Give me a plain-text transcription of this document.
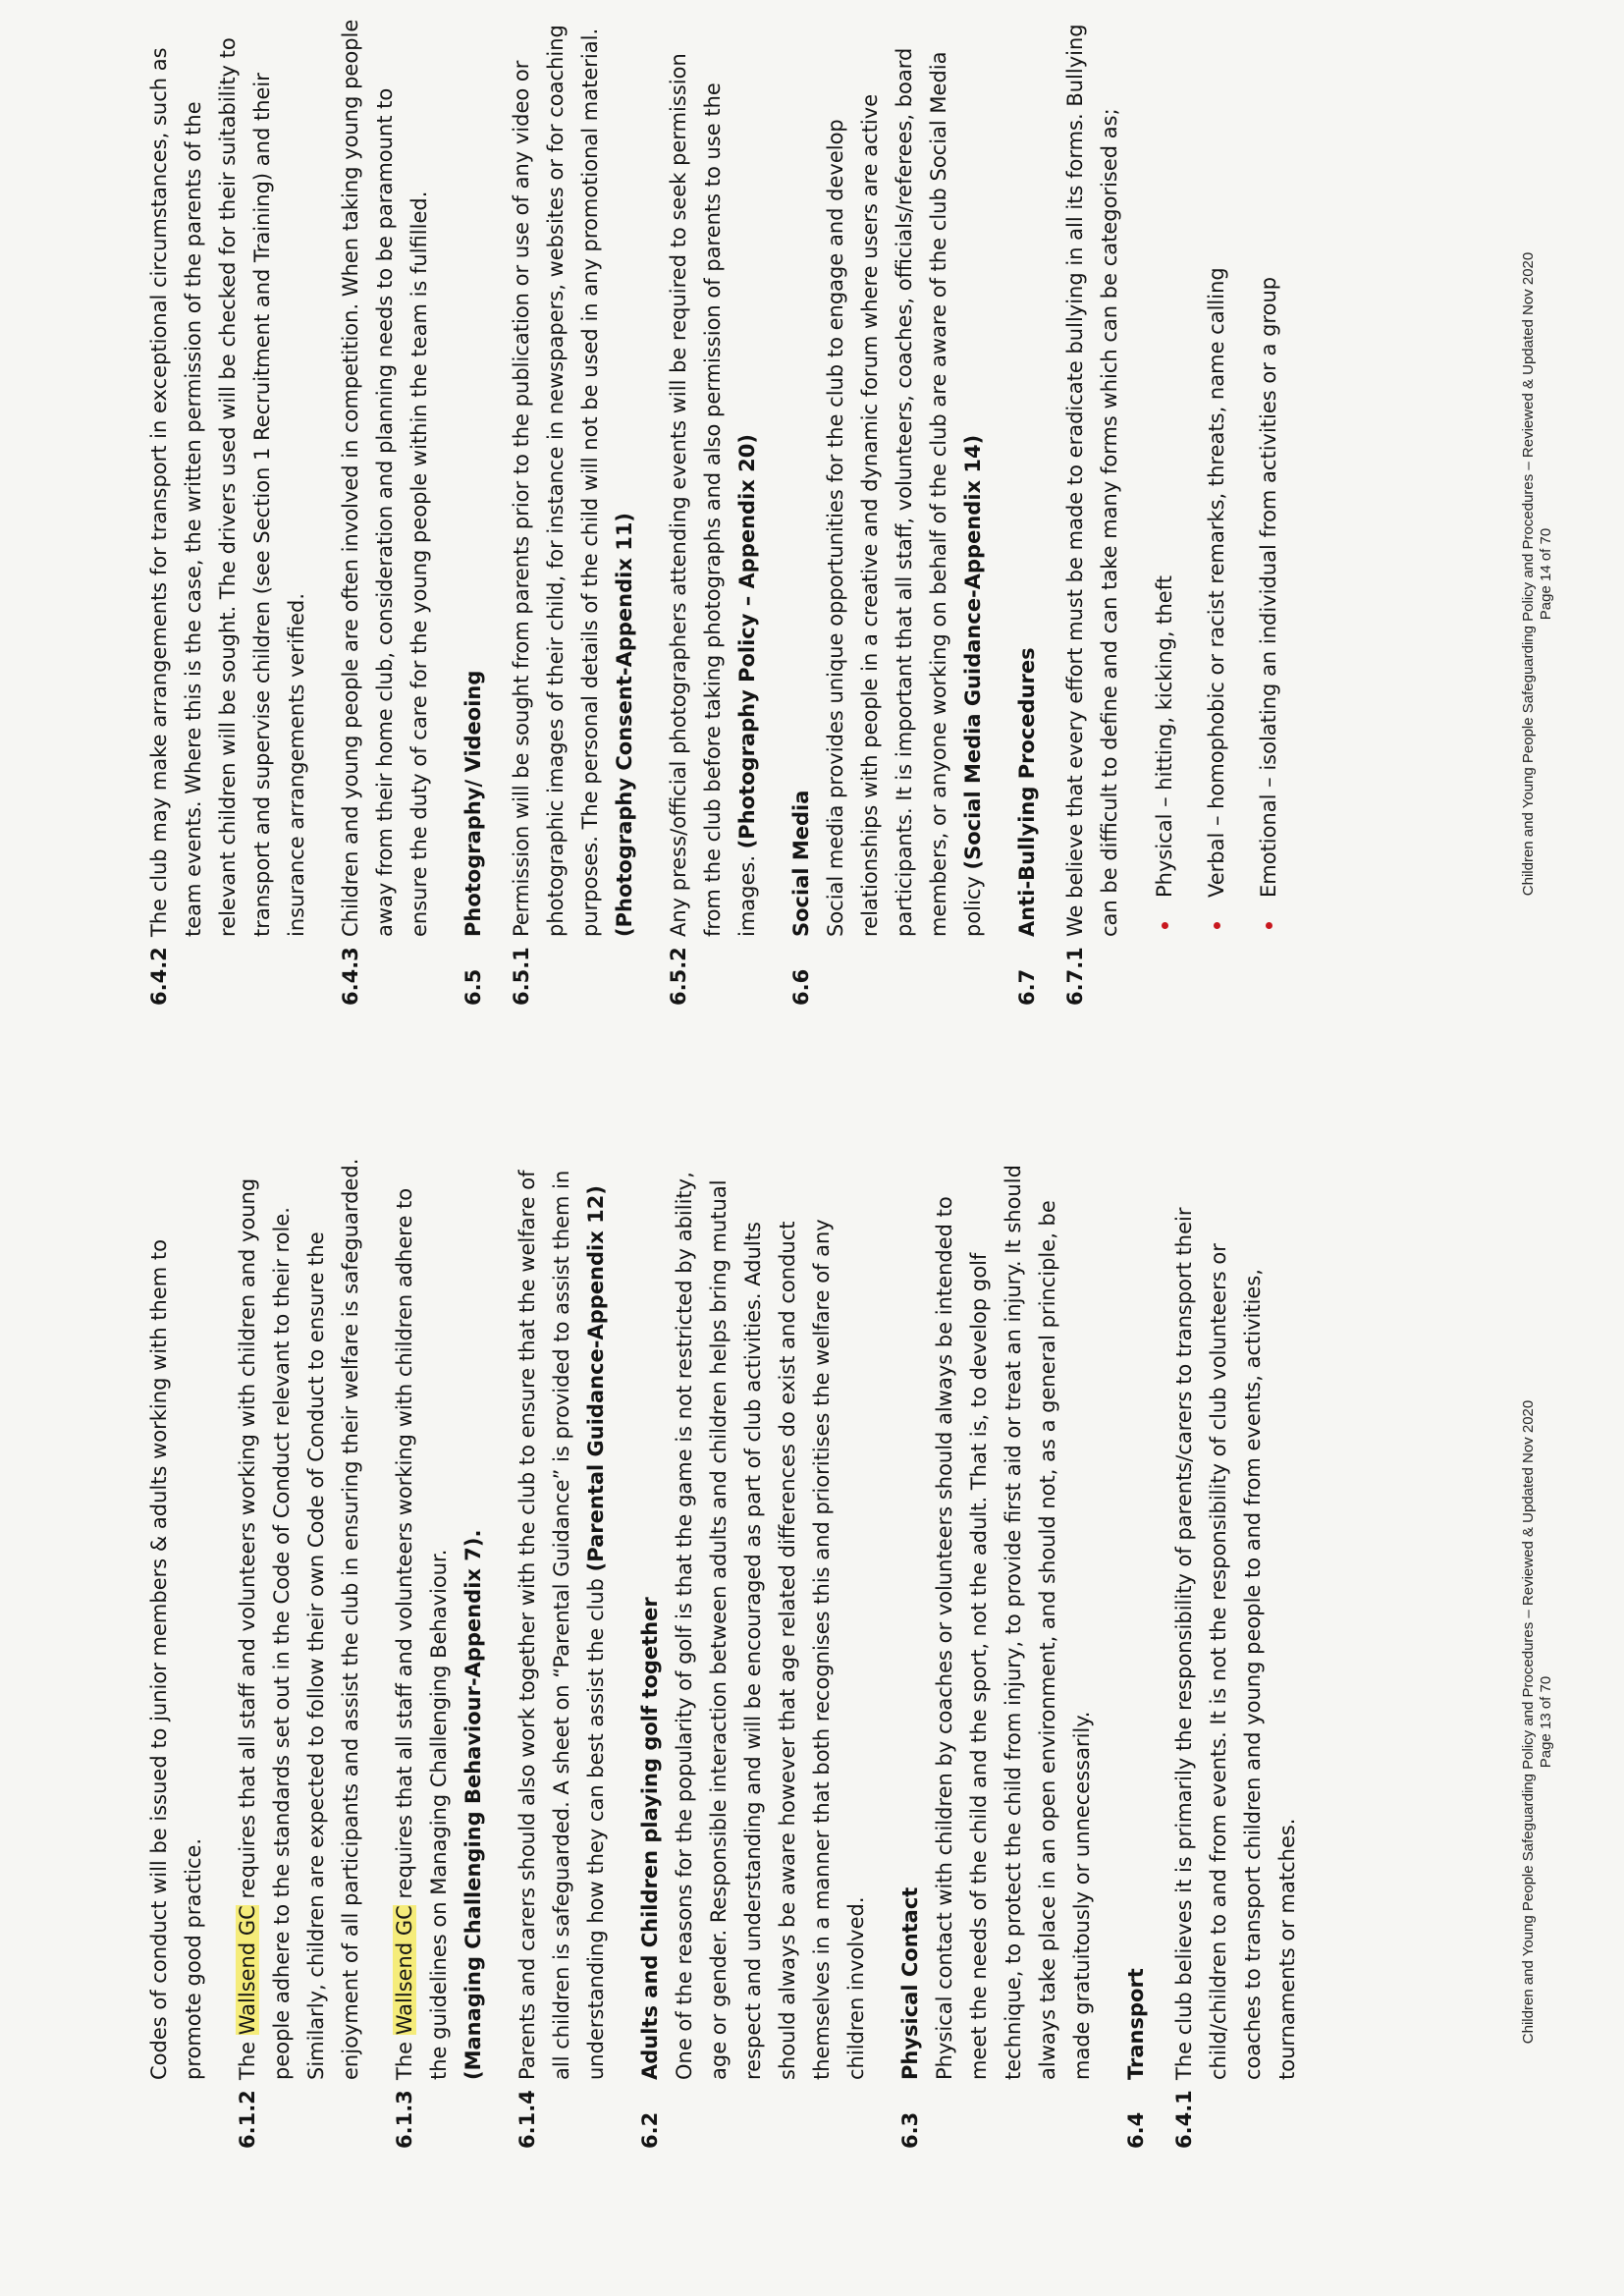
Codes of conduct will be issued to junior members & adults working with them to promote good practice.
6.1.2
The Wallsend GC requires that all staff and volunteers working with children and young people adhere to the standards set out in the Code of Conduct relevant to their role. Similarly, children are expected to follow their own Code of Conduct to ensure the enjoyment of all participants and assist the club in ensuring their welfare is safeguarded.
6.1.3
The Wallsend GC requires that all staff and volunteers working with children adhere to the guidelines on Managing Challenging Behaviour. (Managing Challenging Behaviour-Appendix 7).
6.1.4
Parents and carers should also work together with the club to ensure that the welfare of all children is safeguarded. A sheet on “Parental Guidance” is provided to assist them in understanding how they can best assist the club (Parental Guidance-Appendix 12)
6.2
Adults and Children playing golf together One of the reasons for the popularity of golf is that the game is not restricted by ability, age or gender. Responsible interaction between adults and children helps bring mutual respect and understanding and will be encouraged as part of club activities. Adults should always be aware however that age related differences do exist and conduct themselves in a manner that both recognises this and prioritises the welfare of any children involved.
6.3
Physical Contact Physical contact with children by coaches or volunteers should always be intended to meet the needs of the child and the sport, not the adult. That is, to develop golf technique, to protect the child from injury, to provide first aid or treat an injury. It should always take place in an open environment, and should not, as a general principle, be made gratuitously or unnecessarily.
6.4
Transport
6.4.1
The club believes it is primarily the responsibility of parents/carers to transport their child/children to and from events. It is not the responsibility of club volunteers or coaches to transport children and young people to and from events, activities, tournaments or matches.	Children and Young People Safeguarding Policy and Procedures – Reviewed & Updated Nov 2020 Page 13 of 70
6.4.2
The club may make arrangements for transport in exceptional circumstances, such as team events. Where this is the case, the written permission of the parents of the relevant children will be sought. The drivers used will be checked for their suitability to transport and supervise children (see Section 1 Recruitment and Training) and their insurance arrangements verified.
6.4.3
Children and young people are often involved in competition. When taking young people away from their home club, consideration and planning needs to be paramount to ensure the duty of care for the young people within the team is fulfilled.
6.5
Photography/ Videoing
6.5.1
Permission will be sought from parents prior to the publication or use of any video or photographic images of their child, for instance in newspapers, websites or for coaching purposes. The personal details of the child will not be used in any promotional material. (Photography Consent-Appendix 11)
6.5.2
Any press/official photographers attending events will be required to seek permission from the club before taking photographs and also permission of parents to use the images. (Photography Policy – Appendix 20)
6.6
Social Media Social media provides unique opportunities for the club to engage and develop relationships with people in a creative and dynamic forum where users are active participants. It is important that all staff, volunteers, coaches, officials/referees, board members, or anyone working on behalf of the club are aware of the club Social Media policy (Social Media Guidance-Appendix 14)
6.7
Anti-Bullying Procedures
6.7.1
We believe that every effort must be made to eradicate bullying in all its forms. Bullying can be difficult to define and can take many forms which can be categorised as; Physical – hitting, kicking, theft Verbal – homophobic or racist remarks, threats, name calling Emotional – isolating an individual from activities or a group	Children and Young People Safeguarding Policy and Procedures – Reviewed & Updated Nov 2020 Page 14 of 70
